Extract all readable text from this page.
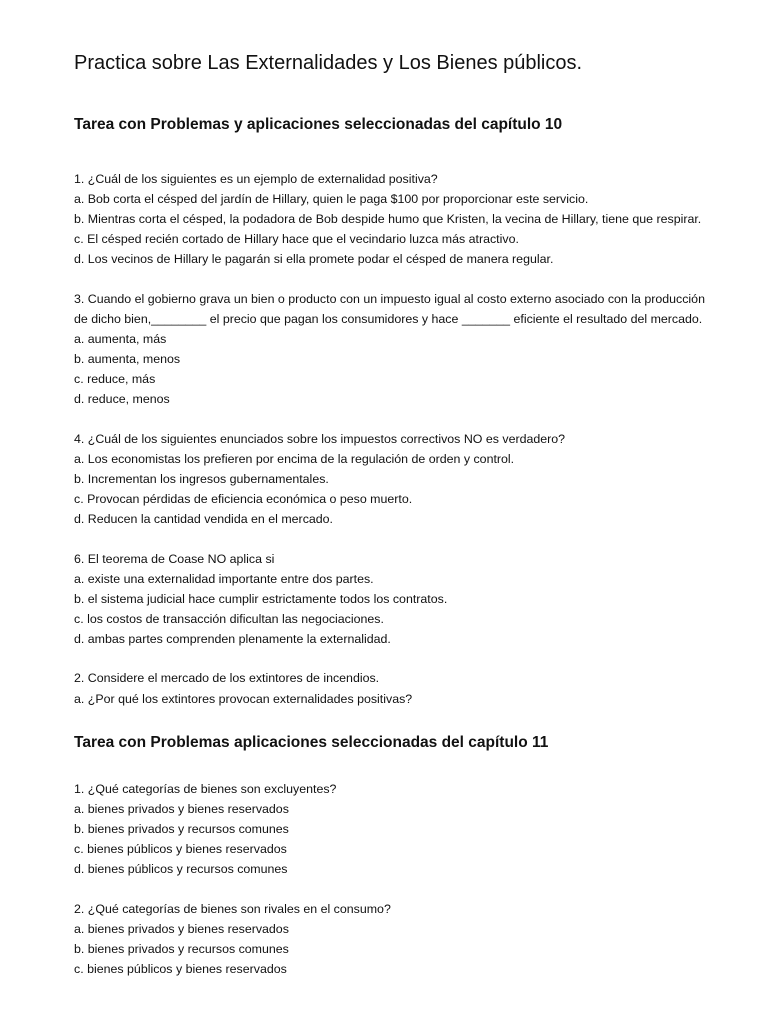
Practica sobre Las Externalidades y Los Bienes públicos.
Tarea con Problemas y aplicaciones seleccionadas del capítulo 10
1. ¿Cuál de los siguientes es un ejemplo de externalidad positiva?
a. Bob corta el césped del jardín de Hillary, quien le paga $100 por proporcionar este servicio.
b. Mientras corta el césped, la podadora de Bob despide humo que Kristen, la vecina de Hillary, tiene que respirar.
c. El césped recién cortado de Hillary hace que el vecindario luzca más atractivo.
d. Los vecinos de Hillary le pagarán si ella promete podar el césped de manera regular.
3. Cuando el gobierno grava un bien o producto con un impuesto igual al costo externo asociado con la producción
de dicho bien,________ el precio que pagan los consumidores y hace _______ eficiente el resultado del mercado.
a. aumenta, más
b. aumenta, menos
c. reduce, más
d. reduce, menos
4. ¿Cuál de los siguientes enunciados sobre los impuestos correctivos NO es verdadero?
a. Los economistas los prefieren por encima de la regulación de orden y control.
b. Incrementan los ingresos gubernamentales.
c. Provocan pérdidas de eficiencia económica o peso muerto.
d. Reducen la cantidad vendida en el mercado.
6. El teorema de Coase NO aplica si
a. existe una externalidad importante entre dos partes.
b. el sistema judicial hace cumplir estrictamente todos los contratos.
c. los costos de transacción dificultan las negociaciones.
d. ambas partes comprenden plenamente la externalidad.
2. Considere el mercado de los extintores de incendios.
a. ¿Por qué los extintores provocan externalidades positivas?
Tarea con Problemas aplicaciones seleccionadas del capítulo 11
1. ¿Qué categorías de bienes son excluyentes?
a. bienes privados y bienes reservados
b. bienes privados y recursos comunes
c. bienes públicos y bienes reservados
d. bienes públicos y recursos comunes
2. ¿Qué categorías de bienes son rivales en el consumo?
a. bienes privados y bienes reservados
b. bienes privados y recursos comunes
c. bienes públicos y bienes reservados
